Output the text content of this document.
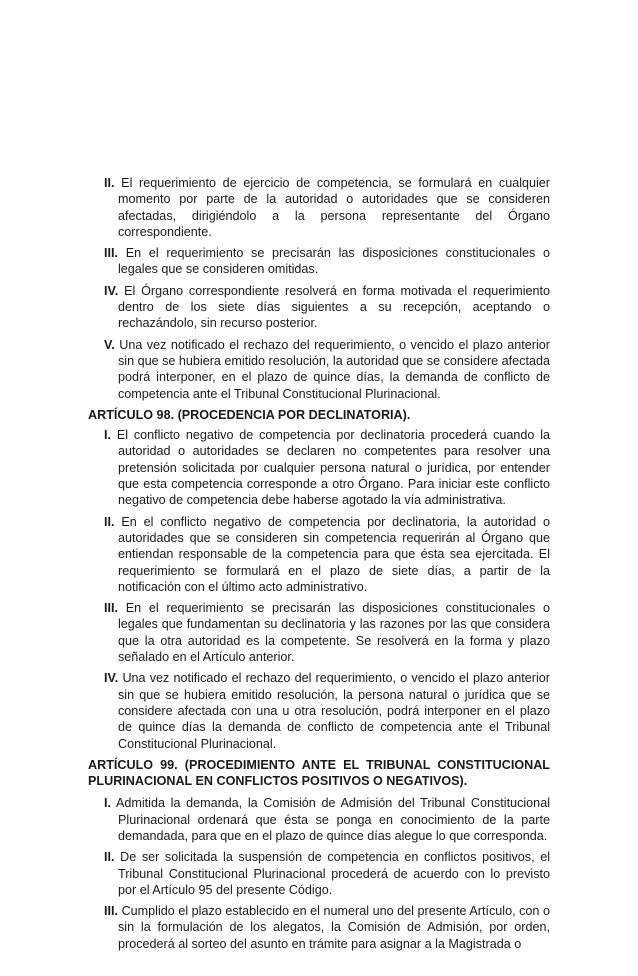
II. El requerimiento de ejercicio de competencia, se formulará en cualquier momento por parte de la autoridad o autoridades que se consideren afectadas, dirigiéndolo a la persona representante del Órgano correspondiente.

III. En el requerimiento se precisarán las disposiciones constitucionales o legales que se consideren omitidas.

IV. El Órgano correspondiente resolverá en forma motivada el requerimiento dentro de los siete días siguientes a su recepción, aceptando o rechazándolo, sin recurso posterior.

V. Una vez notificado el rechazo del requerimiento, o vencido el plazo anterior sin que se hubiera emitido resolución, la autoridad que se considere afectada podrá interponer, en el plazo de quince días, la demanda de conflicto de competencia ante el Tribunal Constitucional Plurinacional.

ARTÍCULO 98. (PROCEDENCIA POR DECLINATORIA).

I. El conflicto negativo de competencia por declinatoria procederá cuando la autoridad o autoridades se declaren no competentes para resolver una pretensión solicitada por cualquier persona natural o jurídica, por entender que esta competencia corresponde a otro Órgano. Para iniciar este conflicto negativo de competencia debe haberse agotado la vía administrativa.

II. En el conflicto negativo de competencia por declinatoria, la autoridad o autoridades que se consideren sin competencia requerirán al Órgano que entiendan responsable de la competencia para que ésta sea ejercitada. El requerimiento se formulará en el plazo de siete días, a partir de la notificación con el último acto administrativo.

III. En el requerimiento se precisarán las disposiciones constitucionales o legales que fundamentan su declinatoria y las razones por las que considera que la otra autoridad es la competente. Se resolverá en la forma y plazo señalado en el Artículo anterior.

IV. Una vez notificado el rechazo del requerimiento, o vencido el plazo anterior sin que se hubiera emitido resolución, la persona natural o jurídica que se considere afectada con una u otra resolución, podrá interponer en el plazo de quince días la demanda de conflicto de competencia ante el Tribunal Constitucional Plurinacional.

ARTÍCULO 99. (PROCEDIMIENTO ANTE EL TRIBUNAL CONSTITUCIONAL PLURINACIONAL EN CONFLICTOS POSITIVOS O NEGATIVOS).

I. Admitida la demanda, la Comisión de Admisión del Tribunal Constitucional Plurinacional ordenará que ésta se ponga en conocimiento de la parte demandada, para que en el plazo de quince días alegue lo que corresponda.

II. De ser solicitada la suspensión de competencia en conflictos positivos, el Tribunal Constitucional Plurinacional procederá de acuerdo con lo previsto por el Artículo 95 del presente Código.

III. Cumplido el plazo establecido en el numeral uno del presente Artículo, con o sin la formulación de los alegatos, la Comisión de Admisión, por orden, procederá al sorteo del asunto en trámite para asignar a la Magistrada o
